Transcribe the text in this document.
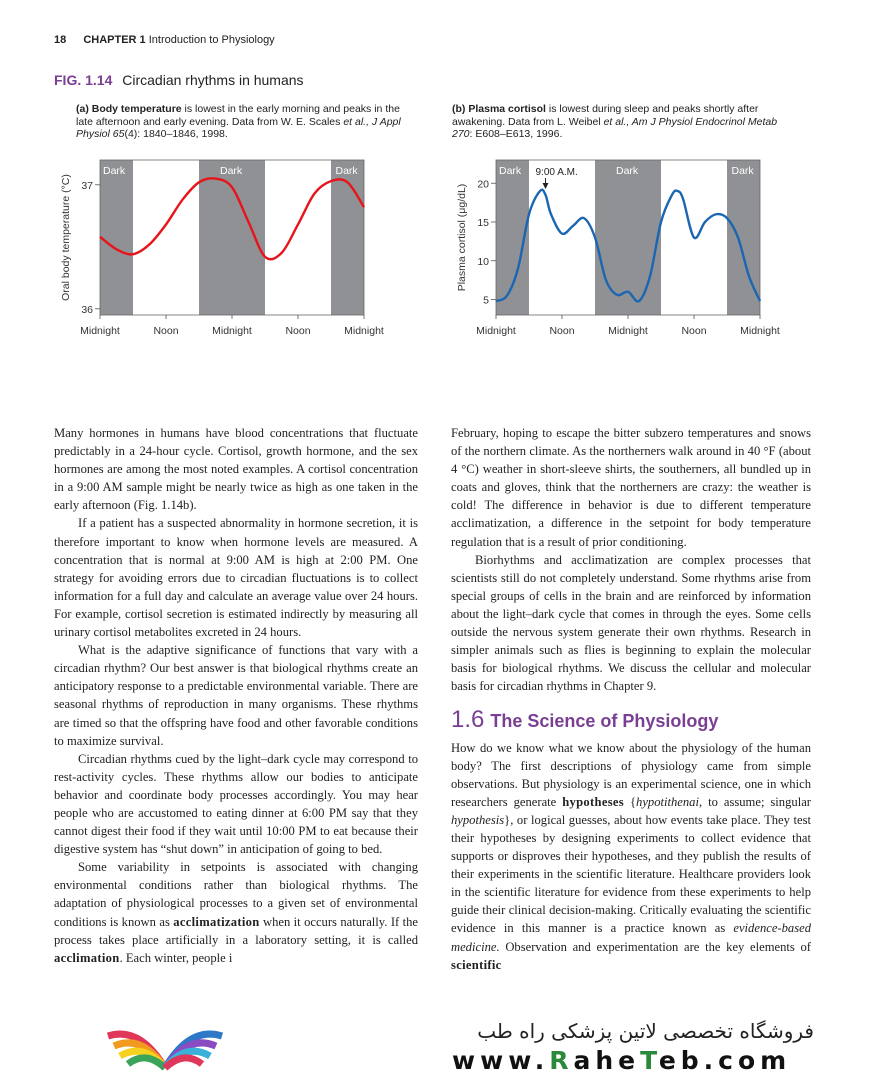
18 CHAPTER 1 Introduction to Physiology
FIG. 1.14 Circadian rhythms in humans
(a) Body temperature is lowest in the early morning and peaks in the late afternoon and early evening. Data from W. E. Scales et al., J Appl Physiol 65(4): 1840–1846, 1998.
(b) Plasma cortisol is lowest during sleep and peaks shortly after awakening. Data from L. Weibel et al., Am J Physiol Endocrinol Metab 270: E608–E613, 1996.
Dark	Dark	Dark
36
37
Oral body temperature (°C)
Midnight	Noon	Midnight	Noon	Midnight
Dark	Dark	Dark
5
10
15
20
Plasma cortisol (μg/dL)
Midnight	Noon	Midnight	Noon	Midnight
9:00 A.M.

Many hormones in humans have blood concentrations that fluctuate predictably in a 24-hour cycle. Cortisol, growth hormone, and the sex hormones are among the most noted examples. A cortisol concentration in a 9:00 AM sample might be nearly twice as high as one taken in the early afternoon (Fig. 1.14b).

If a patient has a suspected abnormality in hormone secretion, it is therefore important to know when hormone levels are measured. A concentration that is normal at 9:00 AM is high at 2:00 PM. One strategy for avoiding errors due to circadian fluctuations is to collect information for a full day and calculate an average value over 24 hours. For example, cortisol secretion is estimated indirectly by measuring all urinary cortisol metabolites excreted in 24 hours.

What is the adaptive significance of functions that vary with a circadian rhythm? Our best answer is that biological rhythms create an anticipatory response to a predictable environmental variable. There are seasonal rhythms of reproduction in many organisms. These rhythms are timed so that the offspring have food and other favorable conditions to maximize survival.

Circadian rhythms cued by the light–dark cycle may correspond to rest-activity cycles. These rhythms allow our bodies to anticipate behavior and coordinate body processes accordingly. You may hear people who are accustomed to eating dinner at 6:00 PM say that they cannot digest their food if they wait until 10:00 PM to eat because their digestive system has “shut down” in anticipation of going to bed.

Some variability in setpoints is associated with changing environmental conditions rather than biological rhythms. The adaptation of physiological processes to a given set of environmental conditions is known as acclimatization when it occurs naturally. If the process takes place artificially in a laboratory setting, it is called acclimation. Each winter, people i

February, hoping to escape the bitter subzero temperatures and snows of the northern climate. As the northerners walk around in 40 °F (about 4 °C) weather in short-sleeve shirts, the southerners, all bundled up in coats and gloves, think that the northerners are crazy: the weather is cold! The difference in behavior is due to different temperature acclimatization, a difference in the setpoint for body temperature regulation that is a result of prior conditioning.

Biorhythms and acclimatization are complex processes that scientists still do not completely understand. Some rhythms arise from special groups of cells in the brain and are reinforced by information about the light–dark cycle that comes in through the eyes. Some cells outside the nervous system generate their own rhythms. Research in simpler animals such as flies is beginning to explain the molecular basis for biological rhythms. We discuss the cellular and molecular basis for circadian rhythms in Chapter 9.

1.6 The Science of Physiology

How do we know what we know about the physiology of the human body? The first descriptions of physiology came from simple observations. But physiology is an experimental science, one in which researchers generate hypotheses {hypotithenai, to assume; singular hypothesis}, or logical guesses, about how events take place. They test their hypotheses by designing experiments to collect evidence that supports or disproves their hypotheses, and they publish the results of their experiments in the scientific literature. Healthcare providers look in the scientific literature for evidence from these experiments to help guide their clinical decision-making. Critically evaluating the scientific evidence in this manner is a practice known as evidence-based medicine. Observation and experimentation are the key elements of scientific

فروشگاه تخصصی لاتین پزشکی راه طب
www.RaheTeb.com
